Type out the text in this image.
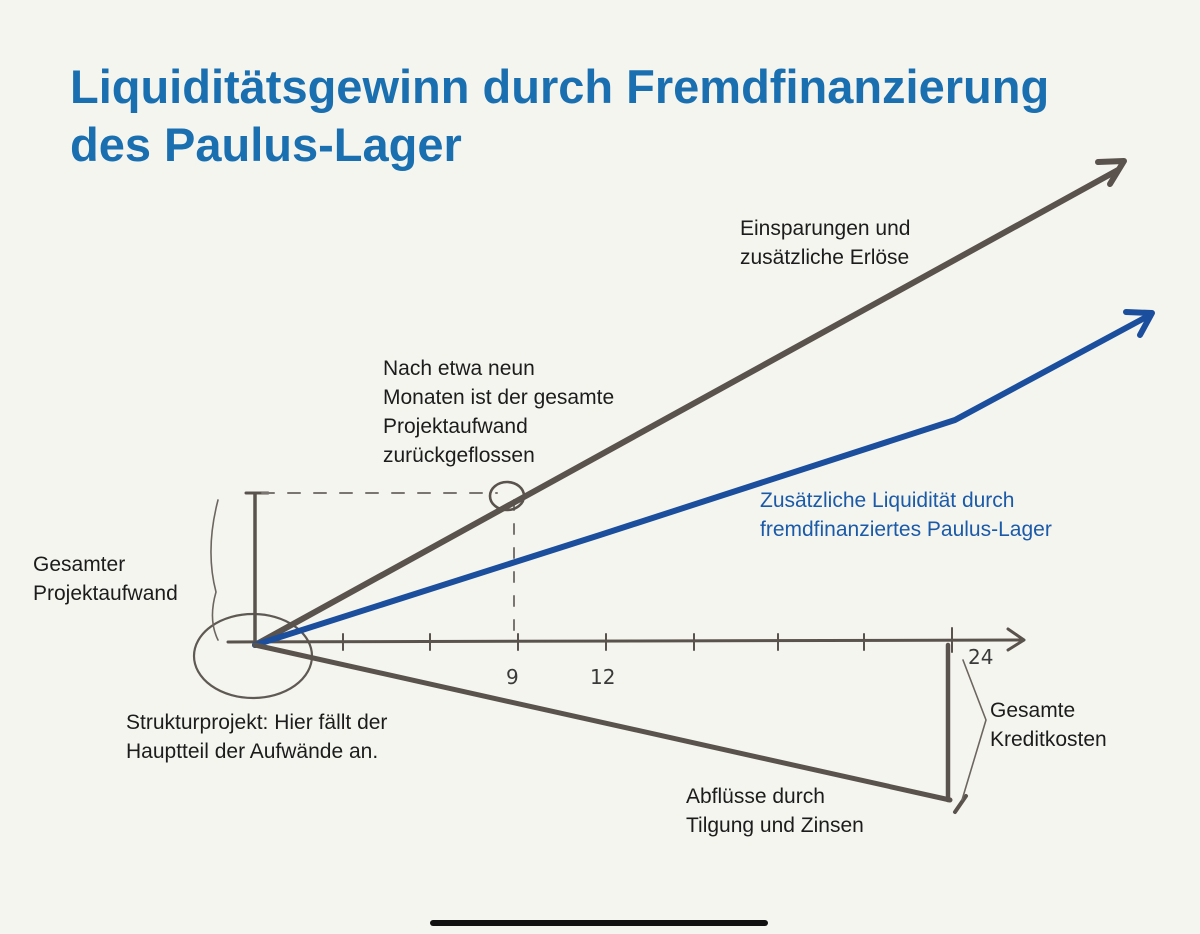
Liquiditätsgewinn durch Fremdfinanzierung
des Paulus-Lager
9	12
24
Einsparungen und
zusätzliche Erlöse
Nach etwa neun
Monaten ist der gesamte
Projektaufwand
zurückgeflossen
Zusätzliche Liquidität durch
fremdfinanziertes Paulus-Lager
Gesamter
Projektaufwand
Strukturprojekt: Hier fällt der
Hauptteil der Aufwände an.
Abflüsse durch
Tilgung und Zinsen
Gesamte
Kreditkosten
